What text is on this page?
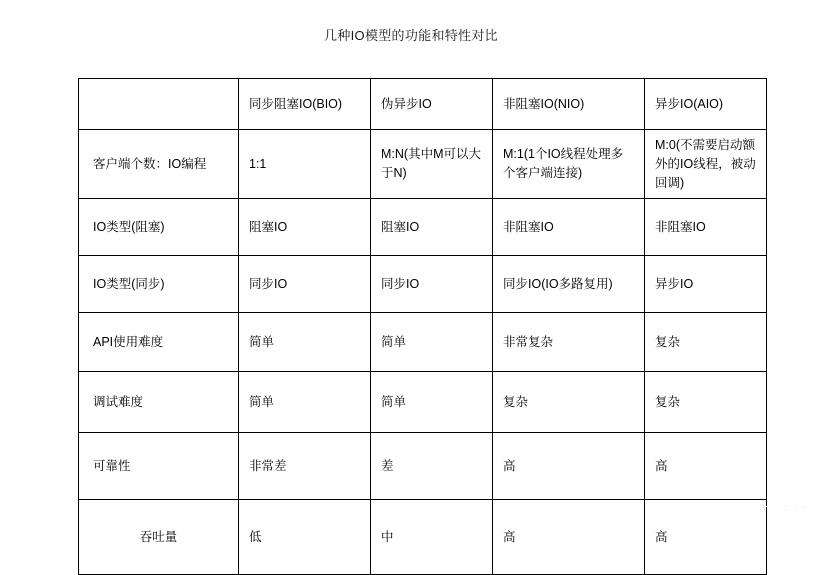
几种IO模型的功能和特性对比
	同步阻塞IO(BIO)	伪异步IO	非阻塞IO(NIO)	异步IO(AIO)
客户端个数：IO编程	1:1	M:N(其中M可以大于N)	M:1(1个IO线程处理多个客户端连接)	M:0(不需要启动额外的IO线程，被动回调)
IO类型(阻塞)	阻塞IO	阻塞IO	非阻塞IO	非阻塞IO
IO类型(同步)	同步IO	同步IO	同步IO(IO多路复用)	异步IO
API使用难度	简单	简单	非常复杂	复杂
调试难度	简单	简单	复杂	复杂
可靠性	非常差	差	高	高
吞吐量	低	中	高	高
· · · · ·
